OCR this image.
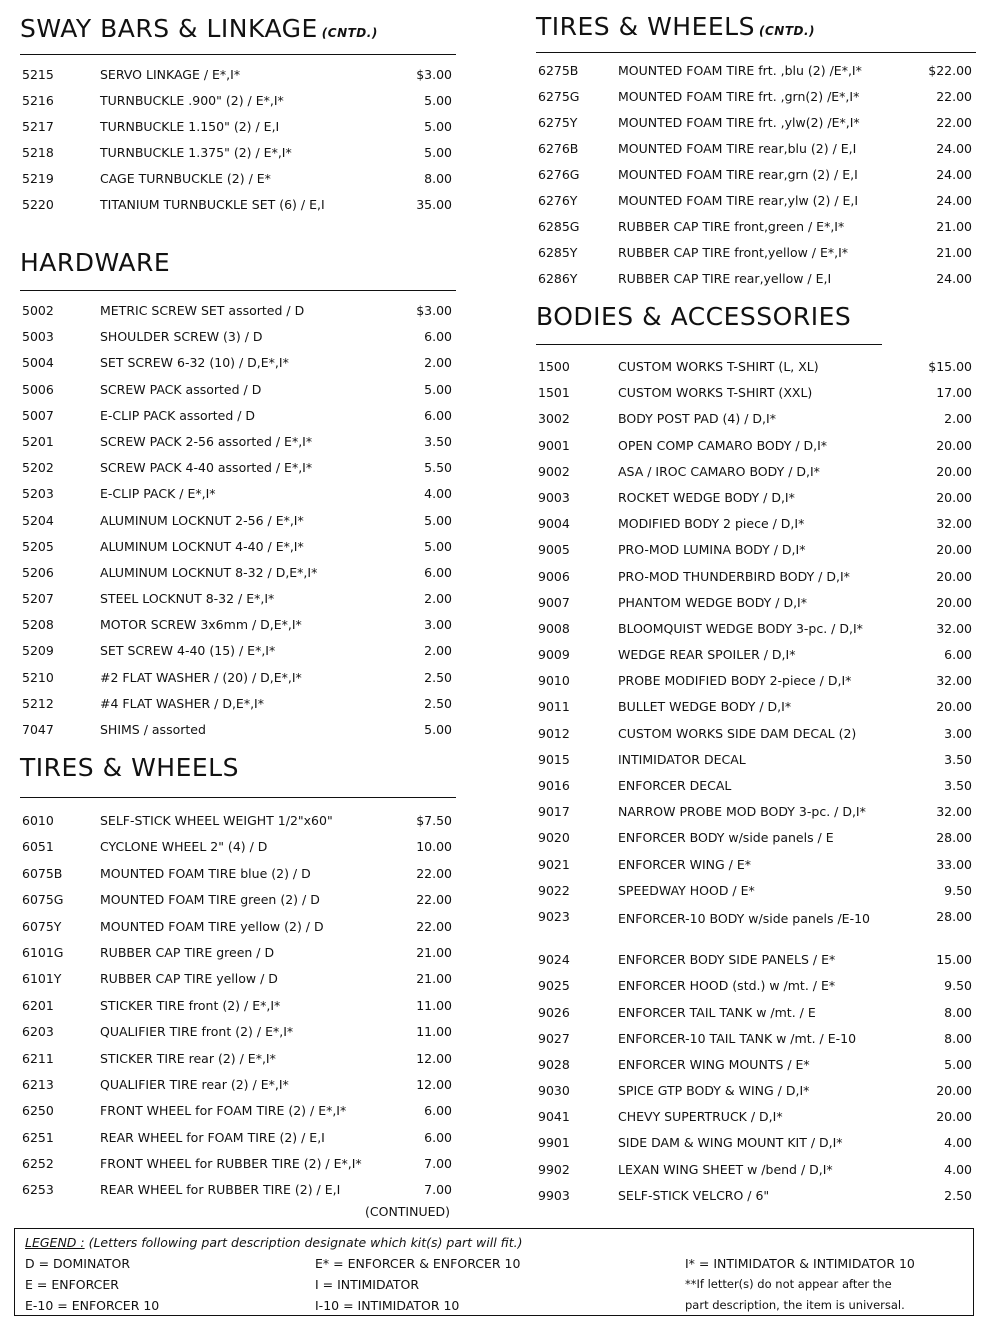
SWAY BARS & LINKAGE (CNTD.)
5215	SERVO LINKAGE / E*,I*	$3.00
5216	TURNBUCKLE .900" (2) / E*,I*	5.00
5217	TURNBUCKLE 1.150" (2) / E,I	5.00
5218	TURNBUCKLE 1.375" (2) / E*,I*	5.00
5219	CAGE TURNBUCKLE (2) / E*	8.00
5220	TITANIUM TURNBUCKLE SET (6) / E,I	35.00
HARDWARE
5002	METRIC SCREW SET assorted / D	$3.00
5003	SHOULDER SCREW (3) / D	6.00
5004	SET SCREW 6-32 (10) / D,E*,I*	2.00
5006	SCREW PACK assorted / D	5.00
5007	E-CLIP PACK assorted / D	6.00
5201	SCREW PACK 2-56 assorted / E*,I*	3.50
5202	SCREW PACK 4-40 assorted / E*,I*	5.50
5203	E-CLIP PACK / E*,I*	4.00
5204	ALUMINUM LOCKNUT 2-56 / E*,I*	5.00
5205	ALUMINUM LOCKNUT 4-40 / E*,I*	5.00
5206	ALUMINUM LOCKNUT 8-32 / D,E*,I*	6.00
5207	STEEL LOCKNUT 8-32 / E*,I*	2.00
5208	MOTOR SCREW 3x6mm / D,E*,I*	3.00
5209	SET SCREW 4-40 (15) / E*,I*	2.00
5210	#2 FLAT WASHER / (20) / D,E*,I*	2.50
5212	#4 FLAT WASHER / D,E*,I*	2.50
7047	SHIMS / assorted	5.00
TIRES & WHEELS
6010	SELF-STICK WHEEL WEIGHT 1/2"x60"	$7.50
6051	CYCLONE WHEEL 2" (4) / D	10.00
6075B	MOUNTED FOAM TIRE blue (2) / D	22.00
6075G	MOUNTED FOAM TIRE green (2) / D	22.00
6075Y	MOUNTED FOAM TIRE yellow (2) / D	22.00
6101G	RUBBER CAP TIRE green / D	21.00
6101Y	RUBBER CAP TIRE yellow / D	21.00
6201	STICKER TIRE front (2) / E*,I*	11.00
6203	QUALIFIER TIRE front (2) / E*,I*	11.00
6211	STICKER TIRE rear (2) / E*,I*	12.00
6213	QUALIFIER TIRE rear (2) / E*,I*	12.00
6250	FRONT WHEEL for FOAM TIRE (2) / E*,I*	6.00
6251	REAR WHEEL for FOAM TIRE (2) / E,I	6.00
6252	FRONT WHEEL for RUBBER TIRE (2) / E*,I*	7.00
6253	REAR WHEEL for RUBBER TIRE (2) / E,I	7.00
(CONTINUED)
TIRES & WHEELS (CNTD.)
6275B	MOUNTED FOAM TIRE frt. ,blu (2) /E*,I*	$22.00
6275G	MOUNTED FOAM TIRE frt. ,grn(2) /E*,I*	22.00
6275Y	MOUNTED FOAM TIRE frt. ,ylw(2) /E*,I*	22.00
6276B	MOUNTED FOAM TIRE rear,blu (2) / E,I	24.00
6276G	MOUNTED FOAM TIRE rear,grn (2) / E,I	24.00
6276Y	MOUNTED FOAM TIRE rear,ylw (2) / E,I	24.00
6285G	RUBBER CAP TIRE front,green / E*,I*	21.00
6285Y	RUBBER CAP TIRE front,yellow / E*,I*	21.00
6286Y	RUBBER CAP TIRE rear,yellow / E,I	24.00
BODIES & ACCESSORIES
1500	CUSTOM WORKS T-SHIRT (L, XL)	$15.00
1501	CUSTOM WORKS T-SHIRT (XXL)	17.00
3002	BODY POST PAD (4) / D,I*	2.00
9001	OPEN COMP CAMARO BODY / D,I*	20.00
9002	ASA / IROC CAMARO BODY / D,I*	20.00
9003	ROCKET WEDGE BODY / D,I*	20.00
9004	MODIFIED BODY 2 piece / D,I*	32.00
9005	PRO-MOD LUMINA BODY / D,I*	20.00
9006	PRO-MOD THUNDERBIRD BODY / D,I*	20.00
9007	PHANTOM WEDGE BODY / D,I*	20.00
9008	BLOOMQUIST WEDGE BODY 3-pc. / D,I*	32.00
9009	WEDGE REAR SPOILER / D,I*	6.00
9010	PROBE MODIFIED BODY 2-piece / D,I*	32.00
9011	BULLET WEDGE BODY / D,I*	20.00
9012	CUSTOM WORKS SIDE DAM DECAL (2)	3.00
9015	INTIMIDATOR DECAL	3.50
9016	ENFORCER DECAL	3.50
9017	NARROW PROBE MOD BODY 3-pc. / D,I*	32.00
9020	ENFORCER BODY w/side panels / E	28.00
9021	ENFORCER WING / E*	33.00
9022	SPEEDWAY HOOD / E*	9.50
9023	ENFORCER-10 BODY w/side panels /E-10	28.00
9024	ENFORCER BODY SIDE PANELS / E*	15.00
9025	ENFORCER HOOD (std.) w /mt. / E*	9.50
9026	ENFORCER TAIL TANK w /mt. / E	8.00
9027	ENFORCER-10 TAIL TANK w /mt. / E-10	8.00
9028	ENFORCER WING MOUNTS / E*	5.00
9030	SPICE GTP BODY & WING / D,I*	20.00
9041	CHEVY SUPERTRUCK / D,I*	20.00
9901	SIDE DAM & WING MOUNT KIT / D,I*	4.00
9902	LEXAN WING SHEET w /bend / D,I*	4.00
9903	SELF-STICK VELCRO / 6"	2.50
LEGEND : (Letters following part description designate which kit(s) part will fit.)
D = DOMINATOR
E = ENFORCER
E-10 = ENFORCER 10
E* = ENFORCER & ENFORCER 10
I = INTIMIDATOR
I-10 = INTIMIDATOR 10
I* = INTIMIDATOR & INTIMIDATOR 10
**If letter(s) do not appear after the
part description, the item is universal.
